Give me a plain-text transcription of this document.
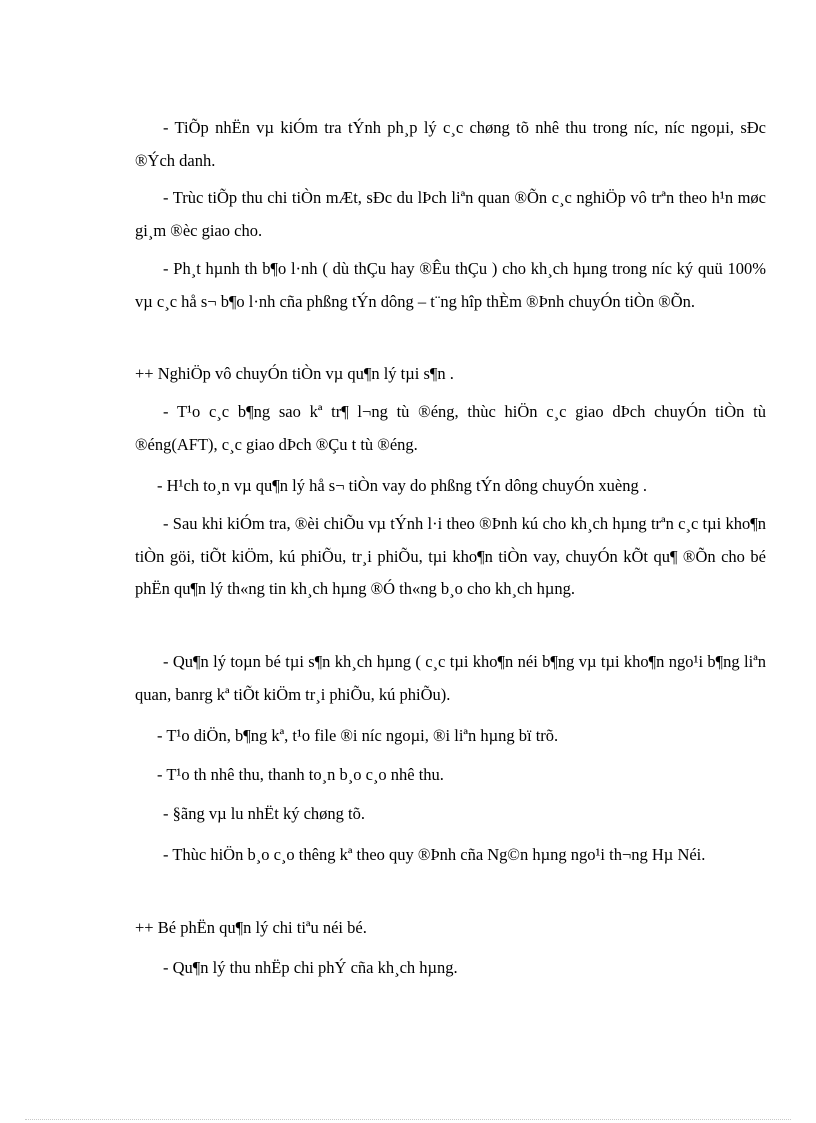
- TiÕp nhËn vµ kiÓm tra tÝnh ph¸p lý c¸c chøng tõ nhê thu trong níc, níc ngoµi, sÐc ®Ých danh.

- Trùc tiÕp thu chi tiÒn mÆt, sÐc du lÞch liªn quan ®Õn c¸c nghiÖp vô trªn theo h¹n møc gi¸m ®èc giao cho.

- Ph¸t hµnh th b¶o l·nh ( dù thÇu hay ®Êu thÇu ) cho kh¸ch hµng trong níc ký quü 100% vµ c¸c hå s¬ b¶o l·nh cña phßng tÝn dông – t¨ng hîp thÈm ®Þnh chuyÓn tiÒn ®Õn.

++ NghiÖp vô chuyÓn tiÒn vµ qu¶n lý tµi s¶n .

- T¹o c¸c b¶ng sao kª tr¶ l¬ng tù ®éng, thùc hiÖn c¸c giao dÞch chuyÓn tiÒn tù ®éng(AFT), c¸c giao dÞch ®Çu t tù ®éng.

- H¹ch to¸n vµ qu¶n lý hå s¬ tiÒn vay do phßng tÝn dông chuyÓn xuèng .

- Sau khi kiÓm tra, ®èi chiÕu vµ tÝnh l·i theo ®Þnh kú cho kh¸ch hµng trªn c¸c tµi kho¶n tiÒn göi, tiÕt kiÖm, kú phiÕu, tr¸i phiÕu, tµi kho¶n tiÒn vay, chuyÓn kÕt qu¶ ®Õn cho bé phËn qu¶n lý th«ng tin kh¸ch hµng ®Ó th«ng b¸o cho kh¸ch hµng.

- Qu¶n lý toµn bé tµi s¶n kh¸ch hµng ( c¸c tµi kho¶n néi b¶ng vµ tµi kho¶n ngo¹i b¶ng liªn quan, banrg kª tiÕt kiÖm tr¸i phiÕu, kú phiÕu).

- T¹o diÖn, b¶ng kª, t¹o file ®i níc ngoµi, ®i liªn hµng bï trõ.

- T¹o th nhê thu, thanh to¸n b¸o c¸o nhê thu.

- §ãng vµ lu nhËt ký chøng tõ.

- Thùc hiÖn b¸o c¸o thêng kª theo quy ®Þnh cña Ng©n hµng ngo¹i th¬ng Hµ Néi.

++ Bé phËn qu¶n lý chi tiªu néi bé.

- Qu¶n lý thu nhËp chi phÝ cña kh¸ch hµng.
